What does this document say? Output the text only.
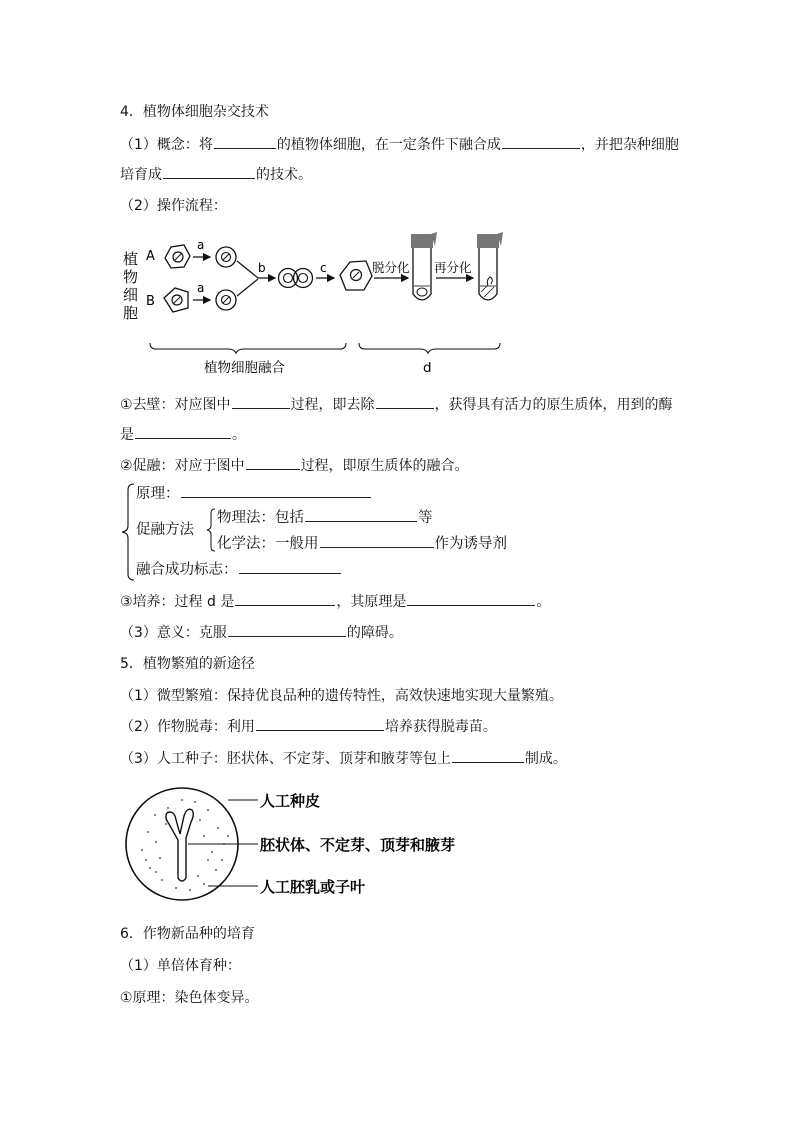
4．植物体细胞杂交技术
（1）概念：将	的植物体细胞，在一定条件下融合成	，并把杂种细胞
培育成	的技术。
（2）操作流程：
植
物
细
胞
A
B
a
a
b	c	脱分化 再分化
植物细胞融合	d
①去壁：对应图中	过程，即去除	，获得具有活力的原生质体，用到的酶
是	。
②促融：对应于图中	过程，即原生质体的融合。
原理：
促融方法
物理法：包括	等
化学法：一般用	作为诱导剂
融合成功标志：
③培养：过程 d 是	，其原理是	。
（3）意义：克服	的障碍。
5．植物繁殖的新途径
（1）微型繁殖：保持优良品种的遗传特性，高效快速地实现大量繁殖。
（2）作物脱毒：利用	培养获得脱毒苗。
（3）人工种子：胚状体、不定芽、顶芽和腋芽等包上	制成。
人工种皮
胚状体、不定芽、顶芽和腋芽
人工胚乳或子叶
6．作物新品种的培育
（1）单倍体育种：
①原理：染色体变异。
